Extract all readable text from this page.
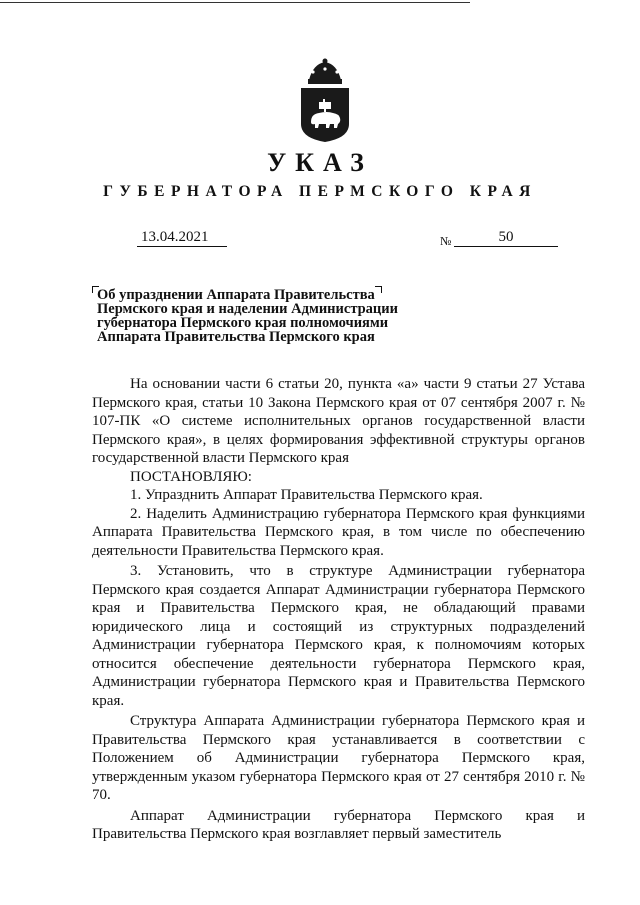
УКАЗ
ГУБЕРНАТОРА ПЕРМСКОГО КРАЯ
13.04.2021	№	50
Об упразднении Аппарата Правительства
Пермского края и наделении Администрации
губернатора Пермского края полномочиями
Аппарата Правительства Пермского края

На основании части 6 статьи 20, пункта «а» части 9 статьи 27 Устава Пермского края, статьи 10 Закона Пермского края от 07 сентября 2007 г. № 107-ПК «О системе исполнительных органов государственной власти Пермского края», в целях формирования эффективной структуры органов государственной власти Пермского края

ПОСТАНОВЛЯЮ:

1. Упразднить Аппарат Правительства Пермского края.

2. Наделить Администрацию губернатора Пермского края функциями Аппарата Правительства Пермского края, в том числе по обеспечению деятельности Правительства Пермского края.

3. Установить, что в структуре Администрации губернатора Пермского края создается Аппарат Администрации губернатора Пермского края и Правительства Пермского края, не обладающий правами юридического лица и состоящий из структурных подразделений Администрации губернатора Пермского края, к полномочиям которых относится обеспечение деятельности губернатора Пермского края, Администрации губернатора Пермского края и Правительства Пермского края.

Структура Аппарата Администрации губернатора Пермского края и Правительства Пермского края устанавливается в соответствии с Положением об Администрации губернатора Пермского края, утвержденным указом губернатора Пермского края от 27 сентября 2010 г. № 70.

Аппарат Администрации губернатора Пермского края и Правительства Пермского края возглавляет первый заместитель
